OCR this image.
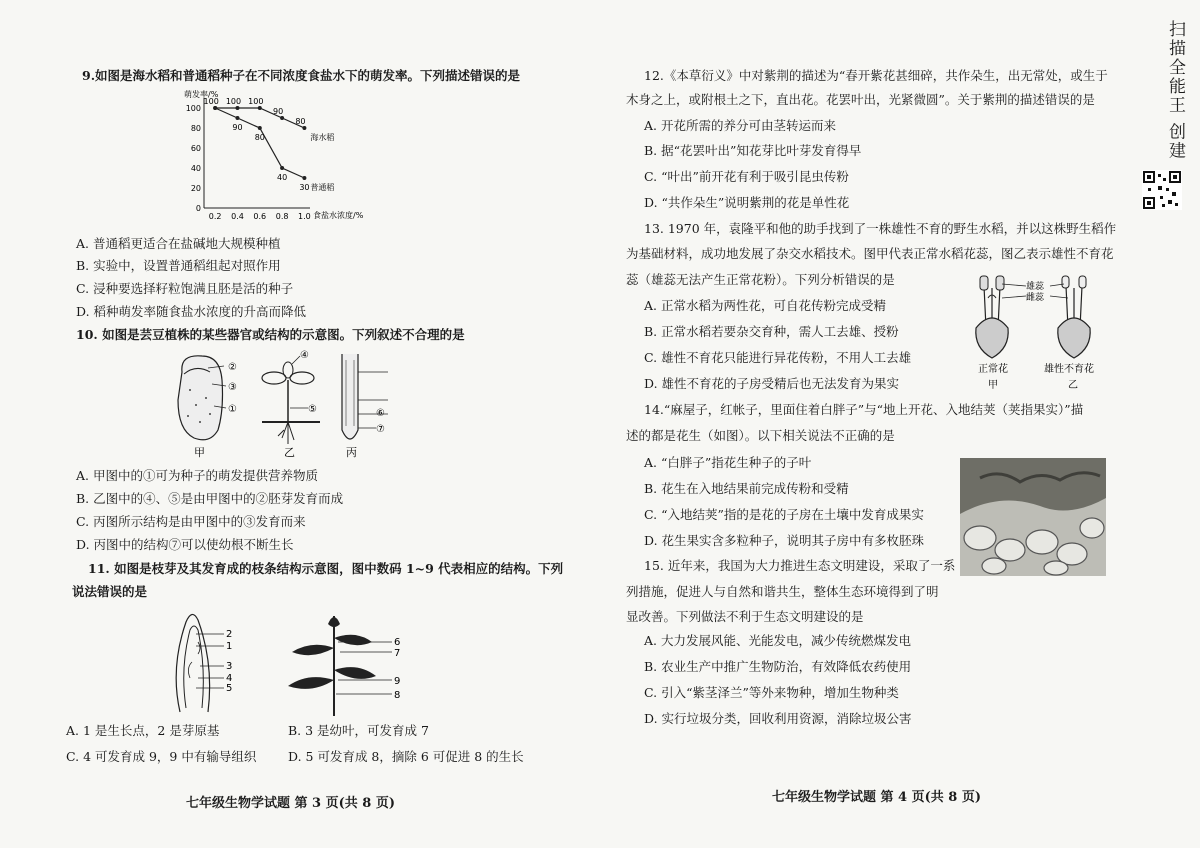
9.如图是海水稻和普通稻种子在不同浓度食盐水下的萌发率。下列描述错误的是
萌发率/%
食盐水浓度/%
0
20
40
60
80
100
0.2 0.4 0.6 0.8 1.0
100 100 100
90
80
海水稻
90
80
40
30 普通稻
A. 普通稻更适合在盐碱地大规模种植
B. 实验中，设置普通稻组起对照作用
C. 浸种要选择籽粒饱满且胚是活的种子
D. 稻种萌发率随食盐水浓度的升高而降低
10. 如图是芸豆植株的某些器官或结构的示意图。下列叙述不合理的是
②
③
①
甲
④
⑤
乙
⑥
⑦
丙
A. 甲图中的①可为种子的萌发提供营养物质
B. 乙图中的④、⑤是由甲图中的②胚芽发育而成
C. 丙图所示结构是由甲图中的③发育而来
D. 丙图中的结构⑦可以使幼根不断生长
11. 如图是枝芽及其发育成的枝条结构示意图，图中数码 1~9 代表相应的结构。下列
说法错误的是
2
1
3
4
5
6
7
9
8
A. 1 是生长点，2 是芽原基	B. 3 是幼叶，可发育成 7
C. 4 可发育成 9，9 中有输导组织	D. 5 可发育成 8，摘除 6 可促进 8 的生长
七年级生物学试题 第 3 页(共 8 页)
12.《本草衍义》中对紫荆的描述为“春开紫花甚细碎，共作朵生，出无常处，或生于
木身之上，或附根土之下，直出花。花罢叶出，光紧微圆”。关于紫荆的描述错误的是
A. 开花所需的养分可由茎转运而来
B. 据“花罢叶出”知花芽比叶芽发育得早
C. “叶出”前开花有利于吸引昆虫传粉
D. “共作朵生”说明紫荆的花是单性花
13. 1970 年，袁隆平和他的助手找到了一株雄性不育的野生水稻，并以这株野生稻作
为基础材料，成功地发展了杂交水稻技术。图甲代表正常水稻花蕊，图乙表示雄性不育花
蕊（雄蕊无法产生正常花粉）。下列分析错误的是	雄蕊
雌蕊
正常花	雄性不育花
甲	乙
A. 正常水稻为两性花，可自花传粉完成受精
B. 正常水稻若要杂交育种，需人工去雄、授粉
C. 雄性不育花只能进行异花传粉，不用人工去雄
D. 雄性不育花的子房受精后也无法发育为果实
14.“麻屋子，红帐子，里面住着白胖子”与“地上开花、入地结荚（荚指果实）”描
述的都是花生（如图）。以下相关说法不正确的是
A. “白胖子”指花生种子的子叶
B. 花生在入地结果前完成传粉和受精
C. “入地结荚”指的是花的子房在土壤中发育成果实
D. 花生果实含多粒种子，说明其子房中有多枚胚珠
15. 近年来，我国为大力推进生态文明建设，采取了一系
列措施，促进人与自然和谐共生，整体生态环境得到了明
显改善。下列做法不利于生态文明建设的是
A. 大力发展风能、光能发电，减少传统燃煤发电
B. 农业生产中推广生物防治，有效降低农药使用
C. 引入“紫茎泽兰”等外来物种，增加生物种类
D. 实行垃圾分类，回收利用资源，消除垃圾公害
七年级生物学试题 第 4 页(共 8 页)
扫描全能王 创建
